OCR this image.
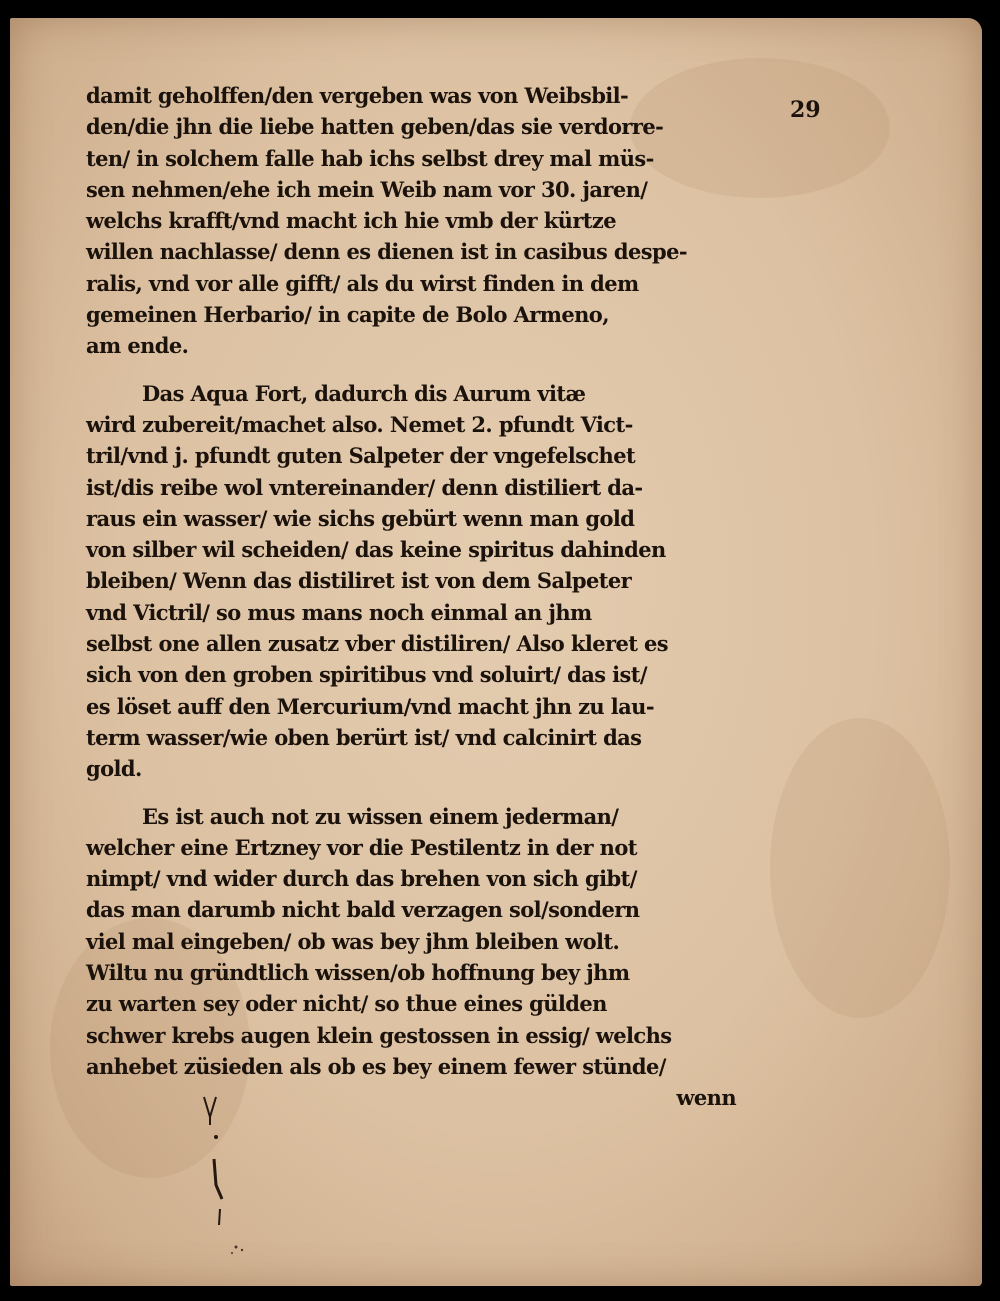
29
damit geholffen/den vergeben was von Weibsbil-
den/die jhn die liebe hatten geben/das sie verdorre-
ten/ in solchem falle hab ichs selbst drey mal müs-
sen nehmen/ehe ich mein Weib nam vor 30. jaren/
welchs krafft/vnd macht ich hie vmb der kürtze
willen nachlasse/ denn es dienen ist in casibus despe-
ralis, vnd vor alle gifft/ als du wirst finden in dem
gemeinen Herbario/ in capite de Bolo Armeno,
am ende.
Das Aqua Fort, dadurch dis Aurum vitæ
wird zubereit/machet also. Nemet 2. pfundt Vict-
tril/vnd j. pfundt guten Salpeter der vngefelschet
ist/dis reibe wol vntereinander/ denn distiliert da-
raus ein wasser/ wie sichs gebürt wenn man gold
von silber wil scheiden/ das keine spiritus dahinden
bleiben/ Wenn das distiliret ist von dem Salpeter
vnd Victril/ so mus mans noch einmal an jhm
selbst one allen zusatz vber distiliren/ Also kleret es
sich von den groben spiritibus vnd soluirt/ das ist/
es löset auff den Mercurium/vnd macht jhn zu lau-
term wasser/wie oben berürt ist/ vnd calcinirt das
gold.
Es ist auch not zu wissen einem jederman/
welcher eine Ertzney vor die Pestilentz in der not
nimpt/ vnd wider durch das brehen von sich gibt/
das man darumb nicht bald verzagen sol/sondern
viel mal eingeben/ ob was bey jhm bleiben wolt.
Wiltu nu gründtlich wissen/ob hoffnung bey jhm
zu warten sey oder nicht/ so thue eines gülden
schwer krebs augen klein gestossen in essig/ welchs
anhebet züsieden als ob es bey einem fewer stünde/
wenn
